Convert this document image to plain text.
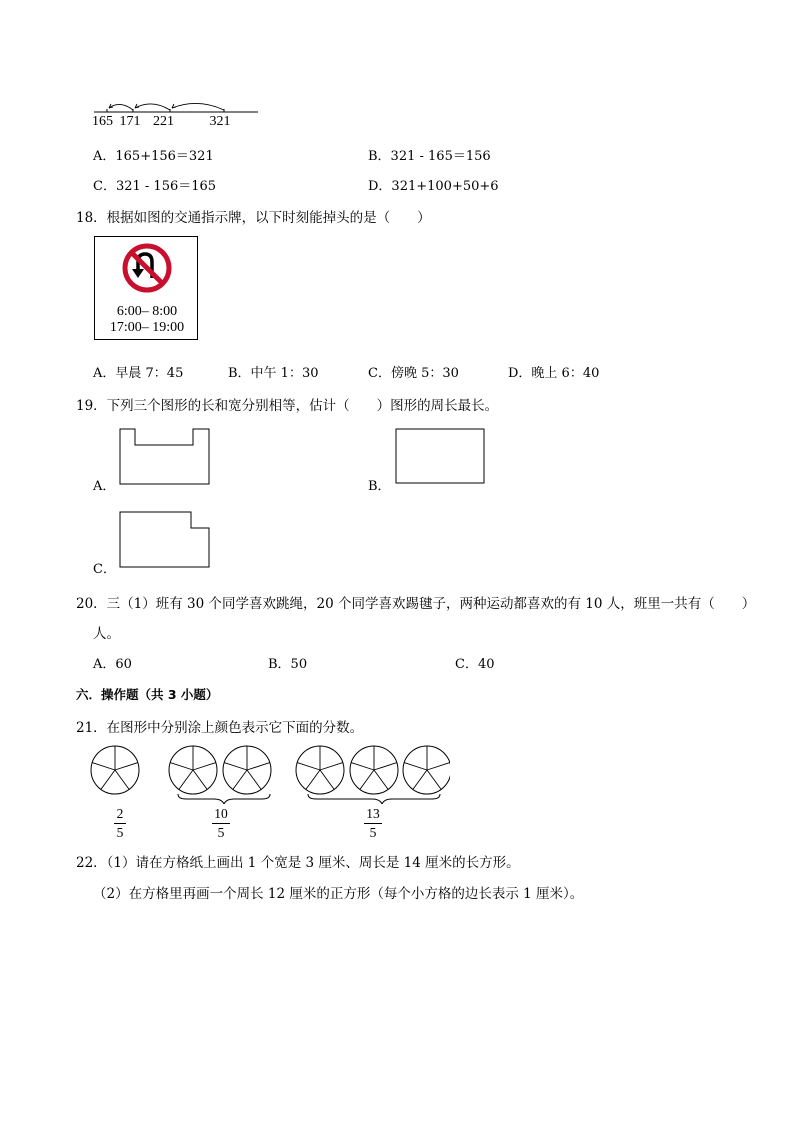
165 171 221	321
A．165+156＝321	B．321 - 165＝156
C．321 - 156＝165	D．321+100+50+6
18．根据如图的交通指示牌，以下时刻能掉头的是（　　）
6:00– 8:00
17:00– 19:00
A．早晨 7：45	B．中午 1：30	C．傍晚 5：30	D．晚上 6：40
19．下列三个图形的长和宽分别相等，估计（　　）图形的周长最长。
A．	B．
C．
20．三（1）班有 30 个同学喜欢跳绳，20 个同学喜欢踢毽子，两种运动都喜欢的有 10 人，班里一共有（　　）
人。
A．60	B．50	C．40
六．操作题（共 3 小题）
21．在图形中分别涂上颜色表示它下面的分数。
2
5
10
5
13
5
22．（1）请在方格纸上画出 1 个宽是 3 厘米、周长是 14 厘米的长方形。
（2）在方格里再画一个周长 12 厘米的正方形（每个小方格的边长表示 1 厘米）。
